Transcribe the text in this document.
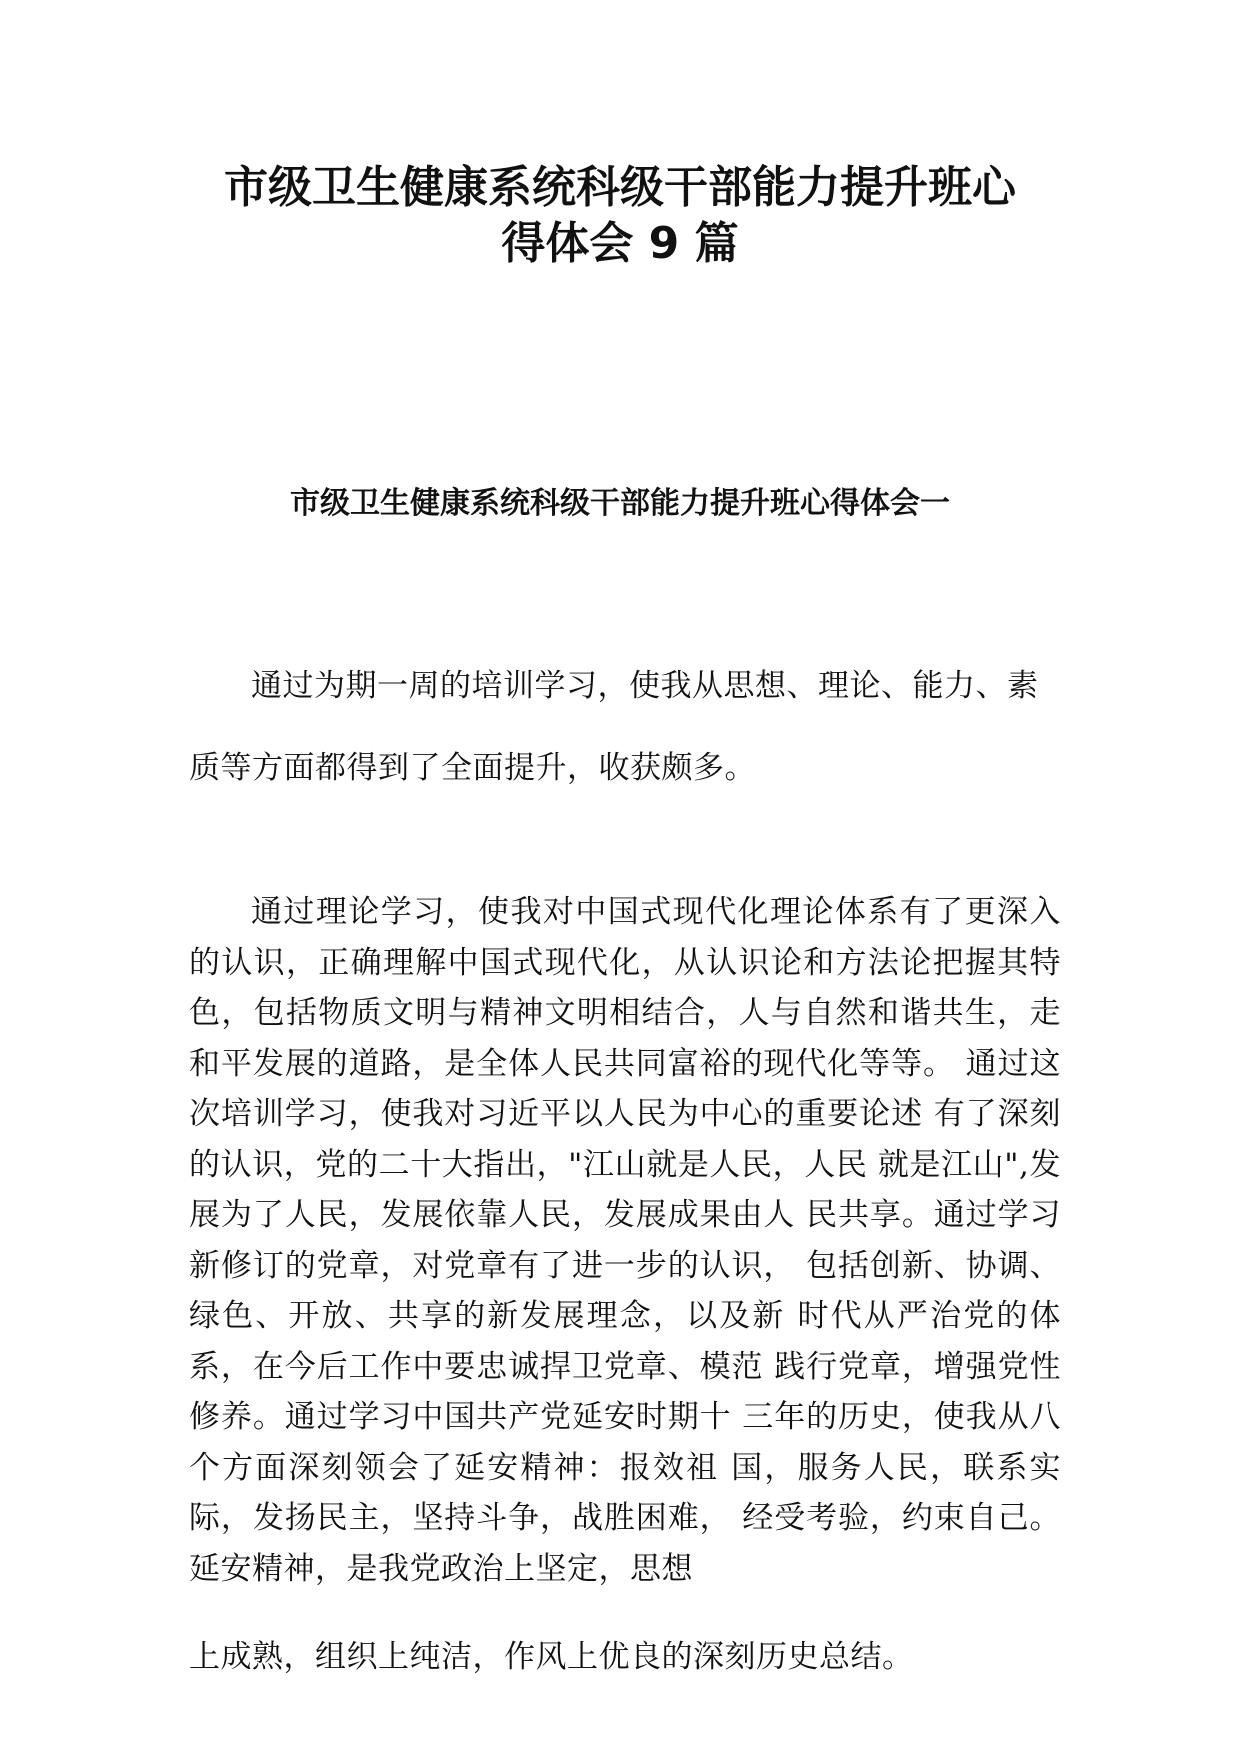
市级卫生健康系统科级干部能力提升班心
得体会 9 篇
市级卫生健康系统科级干部能力提升班心得体会一

通过为期一周的培训学习，使我从思想、理论、能力、素质等方面都得到了全面提升，收获颇多。

通过理论学习，使我对中国式现代化理论体系有了更深入的认识，正确理解中国式现代化，从认识论和方法论把握其特色，包括物质文明与精神文明相结合，人与自然和谐共生，走和平发展的道路，是全体人民共同富裕的现代化等等。 通过这次培训学习，使我对习近平以人民为中心的重要论述 有了深刻的认识，党的二十大指出，"江山就是人民，人民 就是江山",发展为了人民，发展依靠人民，发展成果由人 民共享。通过学习新修订的党章，对党章有了进一步的认识， 包括创新、协调、绿色、开放、共享的新发展理念，以及新 时代从严治党的体系，在今后工作中要忠诚捍卫党章、模范 践行党章，增强党性修养。通过学习中国共产党延安时期十 三年的历史，使我从八个方面深刻领会了延安精神：报效祖 国，服务人民，联系实际，发扬民主，坚持斗争，战胜困难， 经受考验，约束自己。延安精神，是我党政治上坚定，思想

上成熟，组织上纯洁，作风上优良的深刻历史总结。
